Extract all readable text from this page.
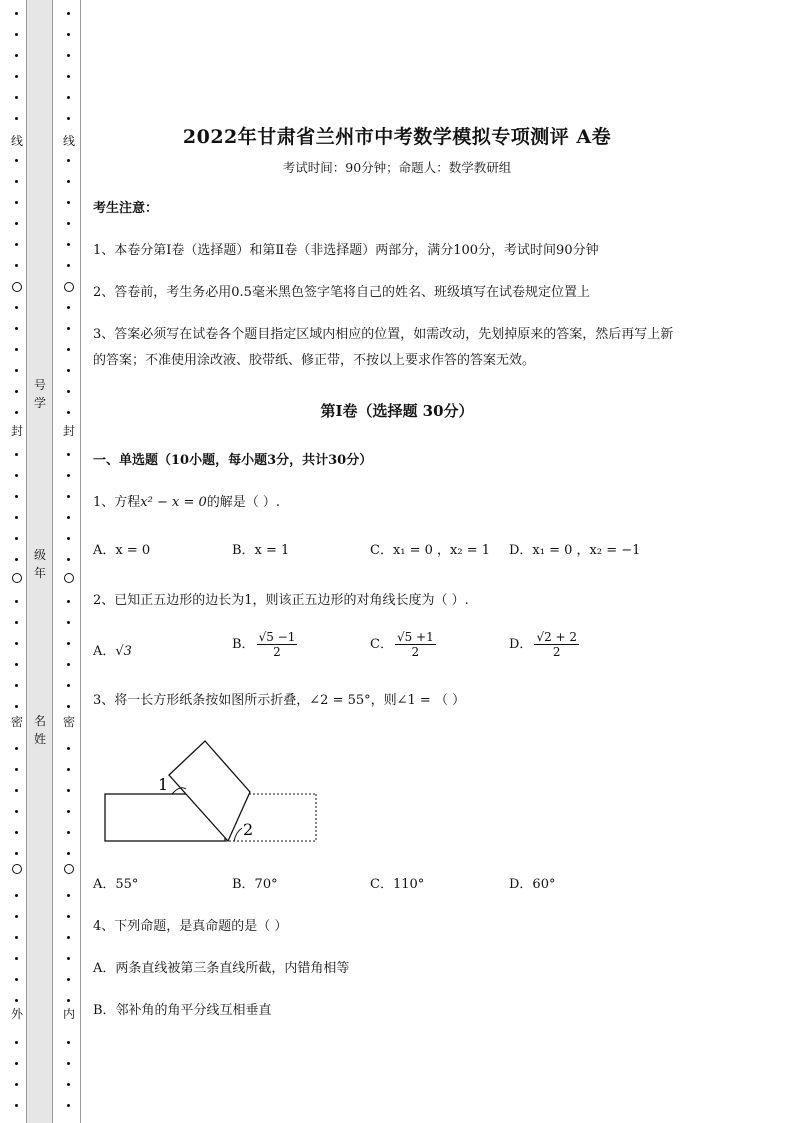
线
封
密
外
线
封
密
内
号学
级年
名姓
2022年甘肃省兰州市中考数学模拟专项测评 A卷
考试时间：90分钟；命题人：数学教研组
考生注意：
1、本卷分第I卷（选择题）和第Ⅱ卷（非选择题）两部分，满分100分，考试时间90分钟
2、答卷前，考生务必用0.5毫米黑色签字笔将自己的姓名、班级填写在试卷规定位置上
3、答案必须写在试卷各个题目指定区域内相应的位置，如需改动，先划掉原来的答案，然后再写上新
的答案；不准使用涂改液、胶带纸、修正带，不按以上要求作答的答案无效。
第I卷（选择题 30分）
一、单选题（10小题，每小题3分，共计30分）
1、方程x² − x = 0的解是（ ）.
A．x = 0	B．x = 1	C．x₁ = 0 ，x₂ = 1 D．x₁ = 0 ，x₂ = −1
2、已知正五边形的边长为1，则该正五边形的对角线长度为（ ）.
A．√3	B． $\frac{√5 -1}{2}$	C． $\frac{√5 +1}{2}$	D． $\frac{√2 + 2}{2}$
3、将一长方形纸条按如图所示折叠，∠2 = 55°，则∠1 = （ ）
1
2
A．55°	B．70°	C．110°	D．60°
4、下列命题，是真命题的是（ ）
A．两条直线被第三条直线所截，内错角相等
B．邻补角的角平分线互相垂直
